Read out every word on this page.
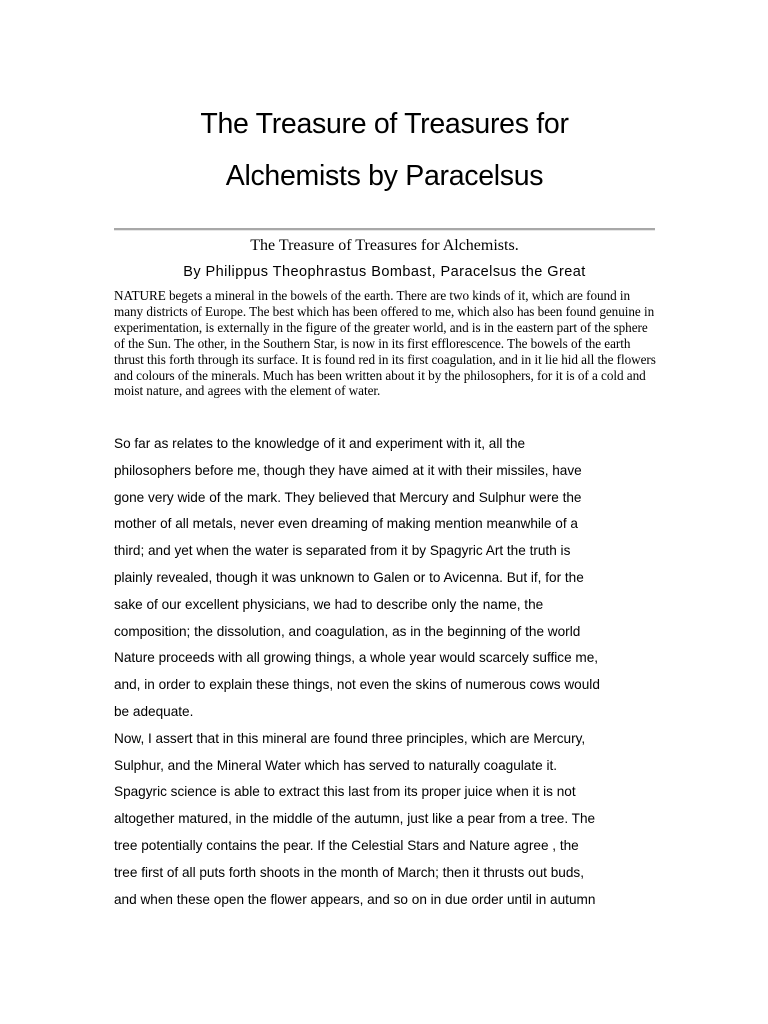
The Treasure of Treasures for
Alchemists by Paracelsus

The Treasure of Treasures for Alchemists.

By Philippus Theophrastus Bombast, Paracelsus the Great

NATURE begets a mineral in the bowels of the earth. There are two kinds of it, which are found in many districts of Europe. The best which has been offered to me, which also has been found genuine in experimentation, is externally in the figure of the greater world, and is in the eastern part of the sphere of the Sun. The other, in the Southern Star, is now in its first efflorescence. The bowels of the earth thrust this forth through its surface. It is found red in its first coagulation, and in it lie hid all the flowers and colours of the minerals. Much has been written about it by the philosophers, for it is of a cold and moist nature, and agrees with the element of water.

So far as relates to the knowledge of it and experiment with it, all the
philosophers before me, though they have aimed at it with their missiles, have
gone very wide of the mark. They believed that Mercury and Sulphur were the
mother of all metals, never even dreaming of making mention meanwhile of a
third; and yet when the water is separated from it by Spagyric Art the truth is
plainly revealed, though it was unknown to Galen or to Avicenna. But if, for the
sake of our excellent physicians, we had to describe only the name, the
composition; the dissolution, and coagulation, as in the beginning of the world
Nature proceeds with all growing things, a whole year would scarcely suffice me,
and, in order to explain these things, not even the skins of numerous cows would
be adequate.

Now, I assert that in this mineral are found three principles, which are Mercury,
Sulphur, and the Mineral Water which has served to naturally coagulate it.
Spagyric science is able to extract this last from its proper juice when it is not
altogether matured, in the middle of the autumn, just like a pear from a tree. The
tree potentially contains the pear. If the Celestial Stars and Nature agree , the
tree first of all puts forth shoots in the month of March; then it thrusts out buds,
and when these open the flower appears, and so on in due order until in autumn
